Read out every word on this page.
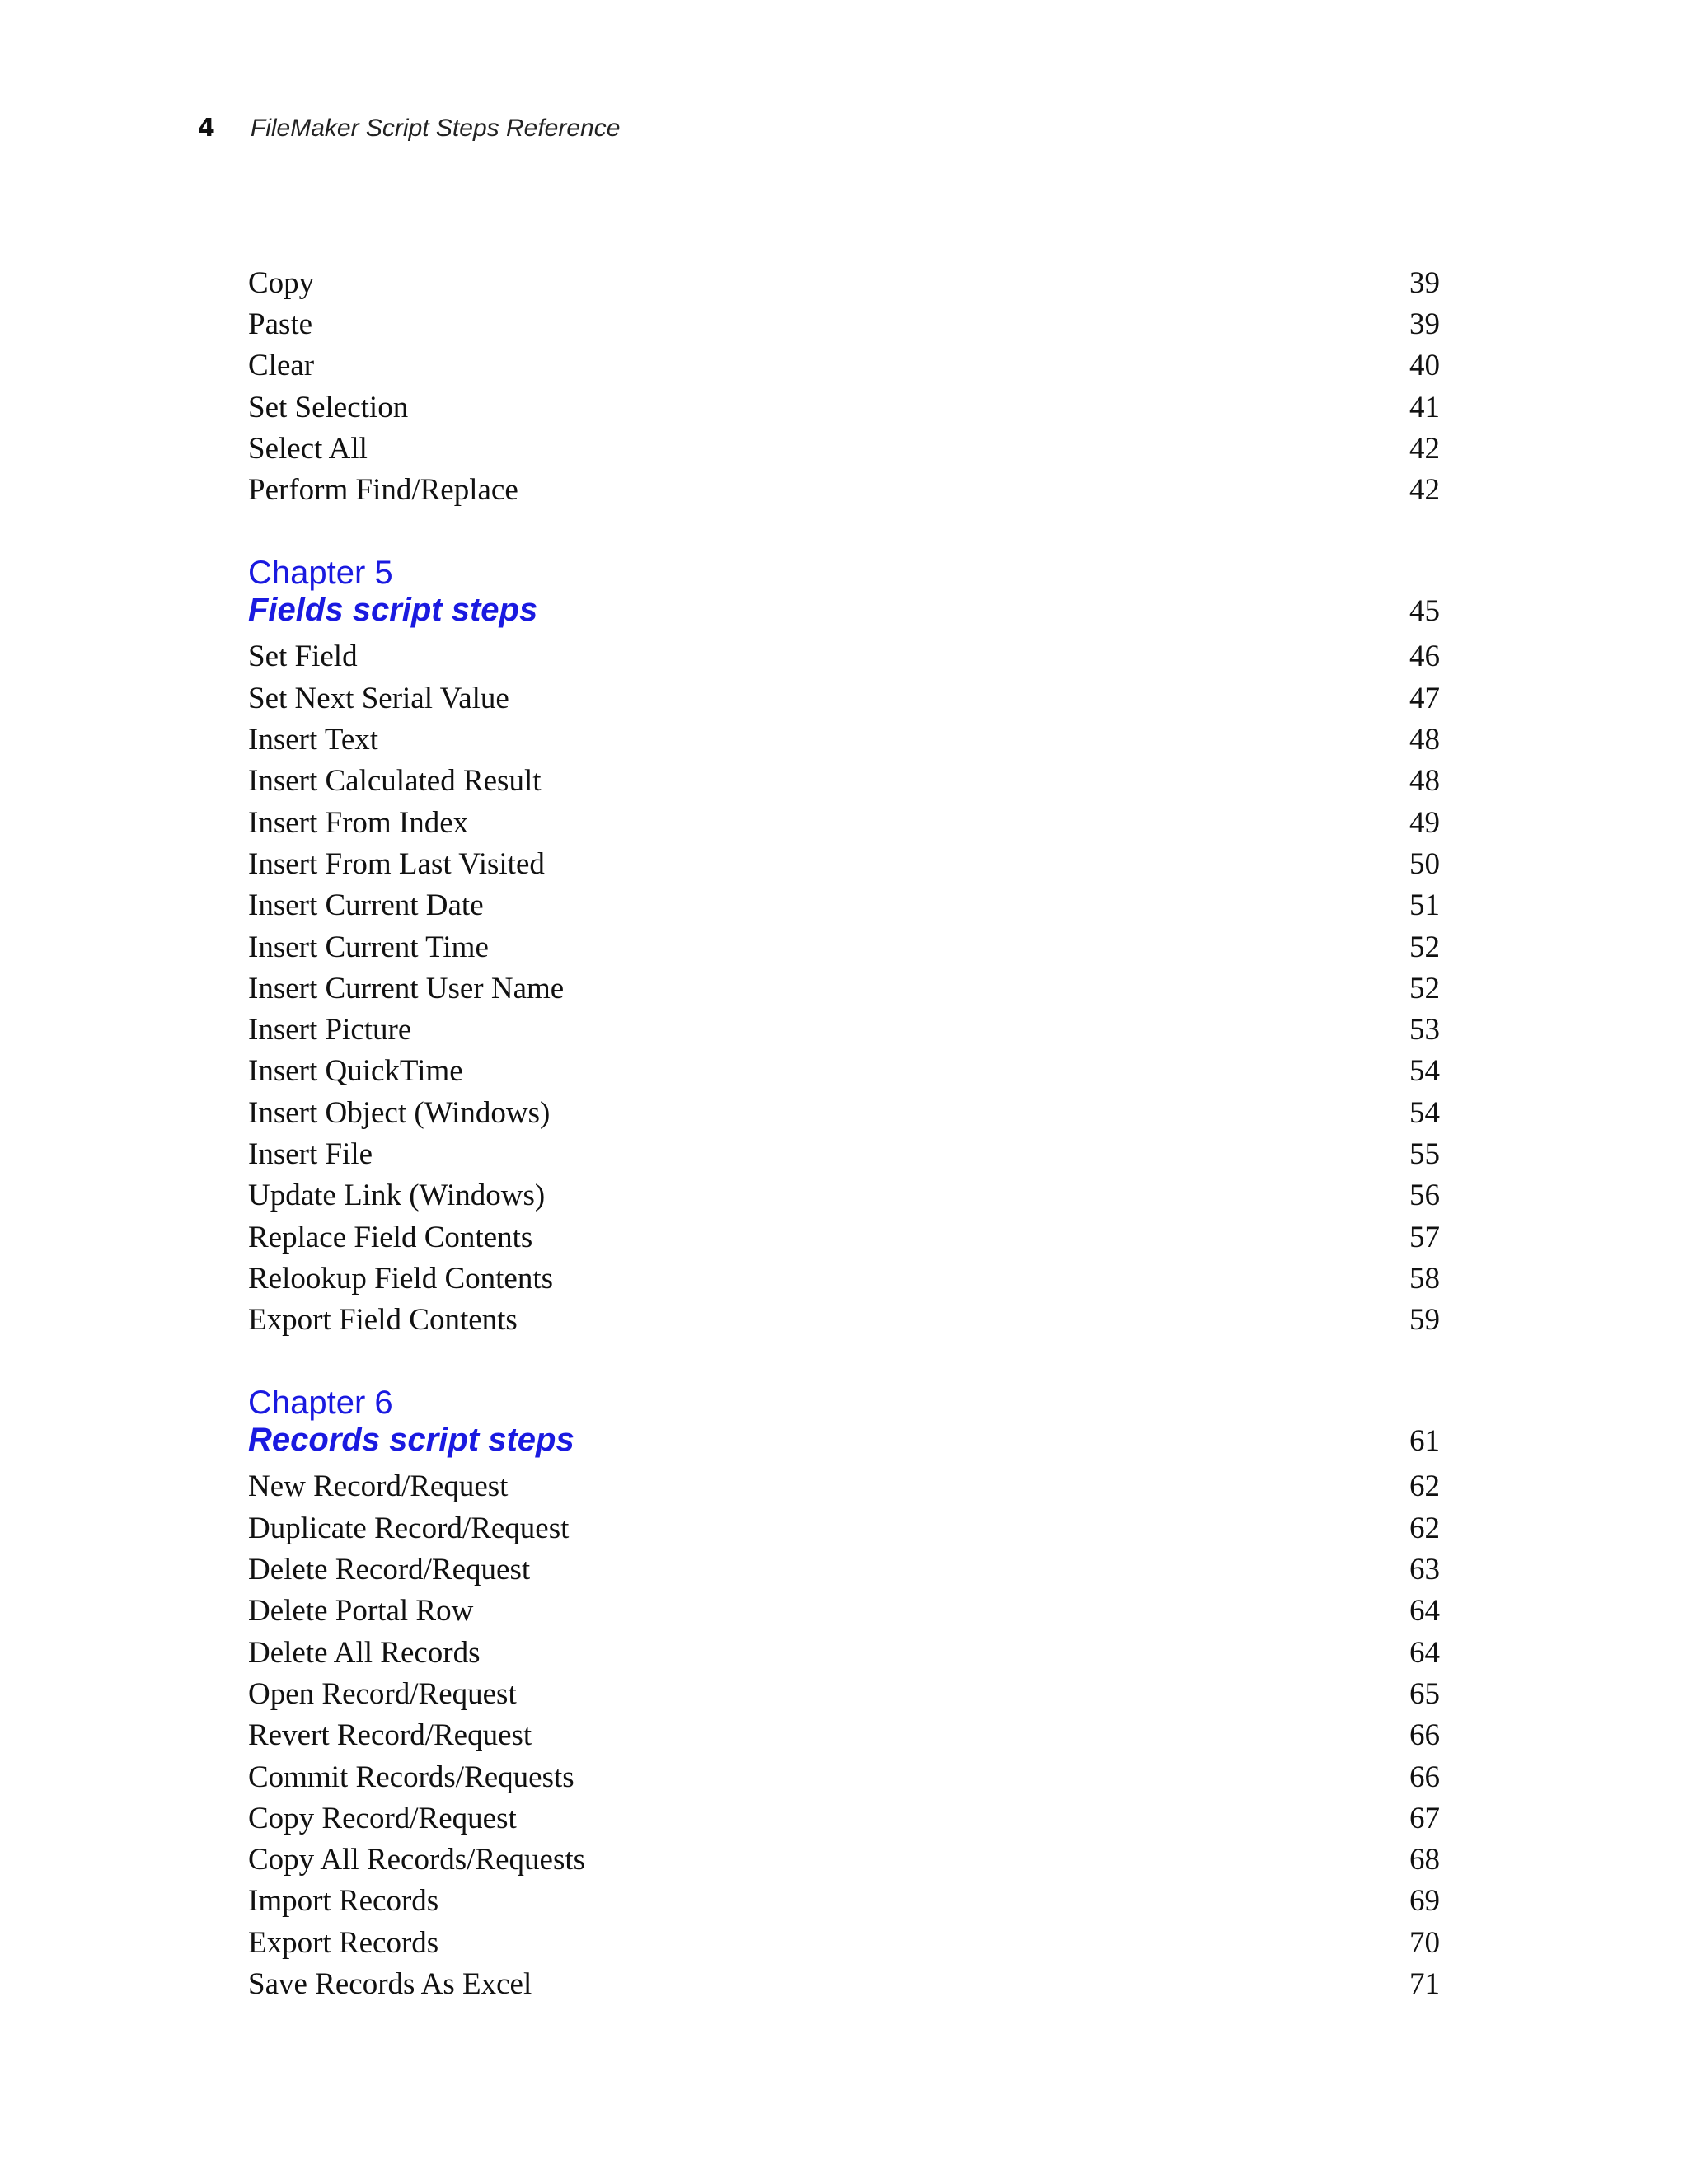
4 FileMaker Script Steps Reference
Copy	39
Paste	39
Clear	40
Set Selection	41
Select All	42
Perform Find/Replace	42
Chapter 5
Fields script steps	45
Set Field	46
Set Next Serial Value	47
Insert Text	48
Insert Calculated Result	48
Insert From Index	49
Insert From Last Visited	50
Insert Current Date	51
Insert Current Time	52
Insert Current User Name	52
Insert Picture	53
Insert QuickTime	54
Insert Object (Windows)	54
Insert File	55
Update Link (Windows)	56
Replace Field Contents	57
Relookup Field Contents	58
Export Field Contents	59
Chapter 6
Records script steps	61
New Record/Request	62
Duplicate Record/Request	62
Delete Record/Request	63
Delete Portal Row	64
Delete All Records	64
Open Record/Request	65
Revert Record/Request	66
Commit Records/Requests	66
Copy Record/Request	67
Copy All Records/Requests	68
Import Records	69
Export Records	70
Save Records As Excel	71
